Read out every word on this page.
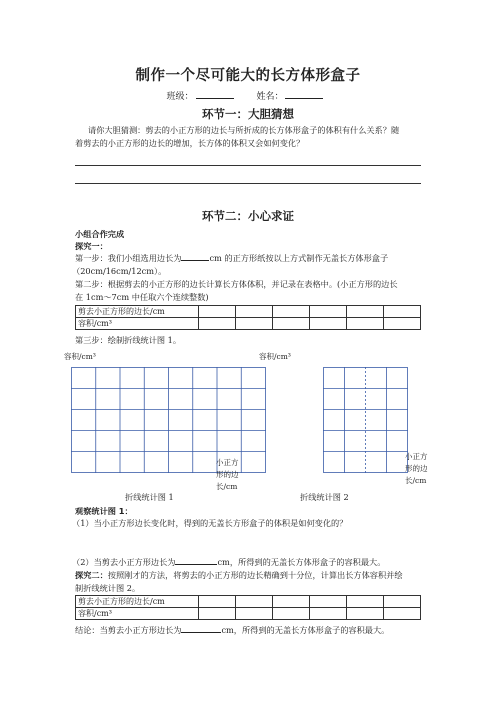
制作一个尽可能大的长方体形盒子
班级：	姓名：
环节一：大胆猜想
请你大胆猜测：剪去的小正方形的边长与所折成的长方体形盒子的体积有什么关系？随
着剪去的小正方形的边长的增加，长方体的体积又会如何变化？
环节二：小心求证
小组合作完成
探究一：
第一步：我们小组选用边长为	cm 的正方形纸按以上方式制作无盖长方体形盒子
（20cm/16cm/12cm）。
第二步：根据剪去的小正方形的边长计算长方体体积，并记录在表格中。(小正方形的边长
在 1cm～7cm 中任取六个连续整数)
剪去小正方形的边长/cm						
容积/cm³						
第三步：绘制折线统计图 1。
容积/cm³
小正方
形的边
长/cm
折线统计图 1
容积/cm³
小正方
形的边
长/cm
折线统计图 2
观察统计图 1：
（1）当小正方形边长变化时，得到的无盖长方形盒子的体积是如何变化的？
（2）当剪去小正方形边长为	cm，所得到的无盖长方体形盒子的容积最大。
探究二：按照刚才的方法，将剪去的小正方形的边长精确到十分位，计算出长方体容积并绘
制折线统计图 2。
剪去小正方形的边长/cm						
容积/cm³						
结论：当剪去小正方形边长为	cm，所得到的无盖长方体形盒子的容积最大。
